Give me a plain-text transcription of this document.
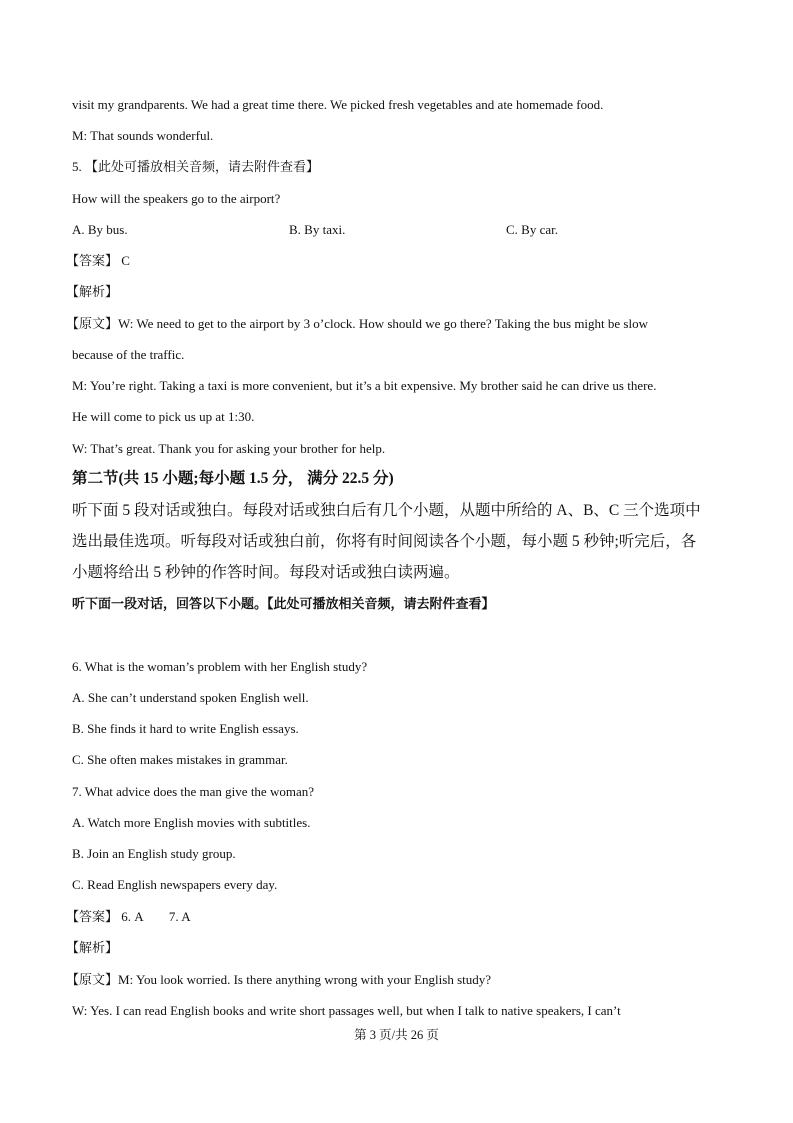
visit my grandparents. We had a great time there. We picked fresh vegetables and ate homemade food.
M: That sounds wonderful.
5. 【此处可播放相关音频，请去附件查看】
How will the speakers go to the airport?
A. By bus.	B. By taxi.	C. By car.
【答案】 C
【解析】
【原文】W: We need to get to the airport by 3 o’clock. How should we go there? Taking the bus might be slow
because of the traffic.
M: You’re right. Taking a taxi is more convenient, but it’s a bit expensive. My brother said he can drive us there.
He will come to pick us up at 1:30.
W: That’s great. Thank you for asking your brother for help.
第二节(共 15 小题;每小题 1.5 分， 满分 22.5 分)
听下面 5 段对话或独白。每段对话或独白后有几个小题，从题中所给的 A、B、C 三个选项中
选出最佳选项。听每段对话或独白前，你将有时间阅读各个小题，每小题 5 秒钟;听完后，各
小题将给出 5 秒钟的作答时间。每段对话或独白读两遍。
听下面一段对话，回答以下小题。【此处可播放相关音频，请去附件查看】
6. What is the woman’s problem with her English study?
A. She can’t understand spoken English well.
B. She finds it hard to write English essays.
C. She often makes mistakes in grammar.
7. What advice does the man give the woman?
A. Watch more English movies with subtitles.
B. Join an English study group.
C. Read English newspapers every day.
【答案】 6. A        7. A
【解析】
【原文】M: You look worried. Is there anything wrong with your English study?
W: Yes. I can read English books and write short passages well, but when I talk to native speakers, I can’t
第 3 页/共 26 页
